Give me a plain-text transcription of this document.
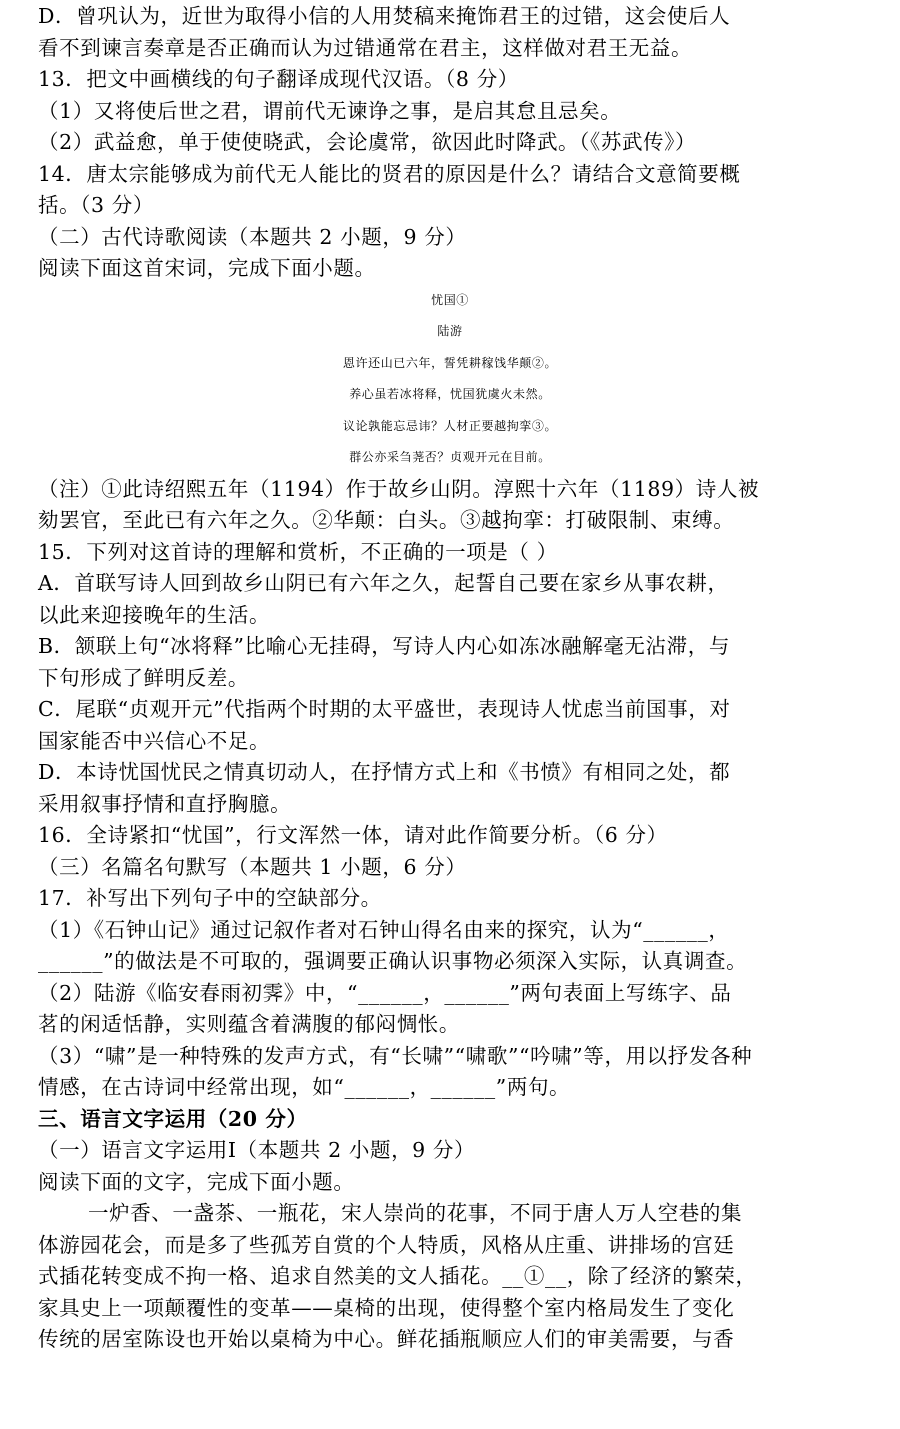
D．曾巩认为，近世为取得小信的人用焚稿来掩饰君王的过错，这会使后人
看不到谏言奏章是否正确而认为过错通常在君主，这样做对君王无益。
13．把文中画横线的句子翻译成现代汉语。（8 分）
（1）又将使后世之君，谓前代无谏诤之事，是启其怠且忌矣。
（2）武益愈，单于使使晓武，会论虞常，欲因此时降武。（《苏武传》）
14．唐太宗能够成为前代无人能比的贤君的原因是什么？请结合文意简要概
括。（3 分）
（二）古代诗歌阅读（本题共 2 小题，9 分）
阅读下面这首宋词，完成下面小题。
忧国①
陆游
恩许还山已六年，誓凭耕稼饯华颠②。
养心虽若冰将释，忧国犹虞火未然。
议论孰能忘忌讳？人材正要越拘挛③。
群公亦采刍荛否？贞观开元在目前。
（注）①此诗绍熙五年（1194）作于故乡山阴。淳熙十六年（1189）诗人被
劾罢官，至此已有六年之久。②华颠：白头。③越拘挛：打破限制、束缚。
15．下列对这首诗的理解和赏析，不正确的一项是（ ）
A．首联写诗人回到故乡山阴已有六年之久，起誓自己要在家乡从事农耕，
以此来迎接晚年的生活。
B．颔联上句“冰将释”比喻心无挂碍，写诗人内心如冻冰融解毫无沾滞，与
下句形成了鲜明反差。
C．尾联“贞观开元”代指两个时期的太平盛世，表现诗人忧虑当前国事，对
国家能否中兴信心不足。
D．本诗忧国忧民之情真切动人，在抒情方式上和《书愤》有相同之处，都
采用叙事抒情和直抒胸臆。
16．全诗紧扣“忧国”，行文浑然一体，请对此作简要分析。（6 分）
（三）名篇名句默写（本题共 1 小题，6 分）
17．补写出下列句子中的空缺部分。
（1）《石钟山记》通过记叙作者对石钟山得名由来的探究，认为“______，
______”的做法是不可取的，强调要正确认识事物必须深入实际，认真调查。
（2）陆游《临安春雨初霁》中，“______，______”两句表面上写练字、品
茗的闲适恬静，实则蕴含着满腹的郁闷惆怅。
（3）“啸”是一种特殊的发声方式，有“长啸”“啸歌”“吟啸”等，用以抒发各种
情感，在古诗词中经常出现，如“______，______”两句。
三、语言文字运用（20 分）
（一）语言文字运用Ⅰ（本题共 2 小题，9 分）
阅读下面的文字，完成下面小题。
一炉香、一盏茶、一瓶花，宋人崇尚的花事，不同于唐人万人空巷的集
体游园花会，而是多了些孤芳自赏的个人特质，风格从庄重、讲排场的宫廷
式插花转变成不拘一格、追求自然美的文人插花。__①__，除了经济的繁荣，
家具史上一项颠覆性的变革——桌椅的出现，使得整个室内格局发生了变化
传统的居室陈设也开始以桌椅为中心。鲜花插瓶顺应人们的审美需要，与香
